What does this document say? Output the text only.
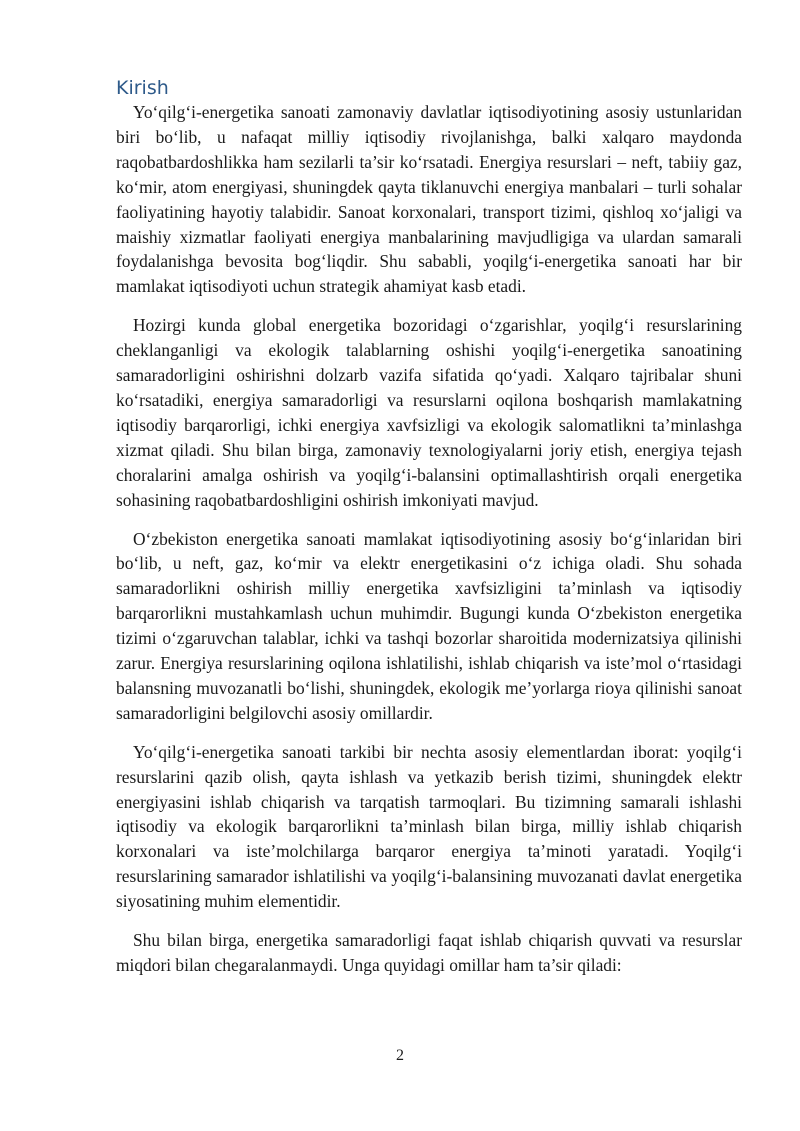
Kirish

Yo‘qilg‘i-energetika sanoati zamonaviy davlatlar iqtisodiyotining asosiy ustunlaridan biri bo‘lib, u nafaqat milliy iqtisodiy rivojlanishga, balki xalqaro maydonda raqobatbardoshlikka ham sezilarli ta’sir ko‘rsatadi. Energiya resurslari – neft, tabiiy gaz, ko‘mir, atom energiyasi, shuningdek qayta tiklanuvchi energiya manbalari – turli sohalar faoliyatining hayotiy talabidir. Sanoat korxonalari, transport tizimi, qishloq xo‘jaligi va maishiy xizmatlar faoliyati energiya manbalarining mavjudligiga va ulardan samarali foydalanishga bevosita bog‘liqdir. Shu sababli, yoqilg‘i-energetika sanoati har bir mamlakat iqtisodiyoti uchun strategik ahamiyat kasb etadi.

Hozirgi kunda global energetika bozoridagi o‘zgarishlar, yoqilg‘i resurslarining cheklanganligi va ekologik talablarning oshishi yoqilg‘i-energetika sanoatining samaradorligini oshirishni dolzarb vazifa sifatida qo‘yadi. Xalqaro tajribalar shuni ko‘rsatadiki, energiya samaradorligi va resurslarni oqilona boshqarish mamlakatning iqtisodiy barqarorligi, ichki energiya xavfsizligi va ekologik salomatlikni ta’minlashga xizmat qiladi. Shu bilan birga, zamonaviy texnologiyalarni joriy etish, energiya tejash choralarini amalga oshirish va yoqilg‘i-balansini optimallashtirish orqali energetika sohasining raqobatbardoshligini oshirish imkoniyati mavjud.

O‘zbekiston energetika sanoati mamlakat iqtisodiyotining asosiy bo‘g‘inlaridan biri bo‘lib, u neft, gaz, ko‘mir va elektr energetikasini o‘z ichiga oladi. Shu sohada samaradorlikni oshirish milliy energetika xavfsizligini ta’minlash va iqtisodiy barqarorlikni mustahkamlash uchun muhimdir. Bugungi kunda O‘zbekiston energetika tizimi o‘zgaruvchan talablar, ichki va tashqi bozorlar sharoitida modernizatsiya qilinishi zarur. Energiya resurslarining oqilona ishlatilishi, ishlab chiqarish va iste’mol o‘rtasidagi balansning muvozanatli bo‘lishi, shuningdek, ekologik me’yorlarga rioya qilinishi sanoat samaradorligini belgilovchi asosiy omillardir.

Yo‘qilg‘i-energetika sanoati tarkibi bir nechta asosiy elementlardan iborat: yoqilg‘i resurslarini qazib olish, qayta ishlash va yetkazib berish tizimi, shuningdek elektr energiyasini ishlab chiqarish va tarqatish tarmoqlari. Bu tizimning samarali ishlashi iqtisodiy va ekologik barqarorlikni ta’minlash bilan birga, milliy ishlab chiqarish korxonalari va iste’molchilarga barqaror energiya ta’minoti yaratadi. Yoqilg‘i resurslarining samarador ishlatilishi va yoqilg‘i-balansining muvozanati davlat energetika siyosatining muhim elementidir.

Shu bilan birga, energetika samaradorligi faqat ishlab chiqarish quvvati va resurslar miqdori bilan chegaralanmaydi. Unga quyidagi omillar ham ta’sir qiladi:

2
